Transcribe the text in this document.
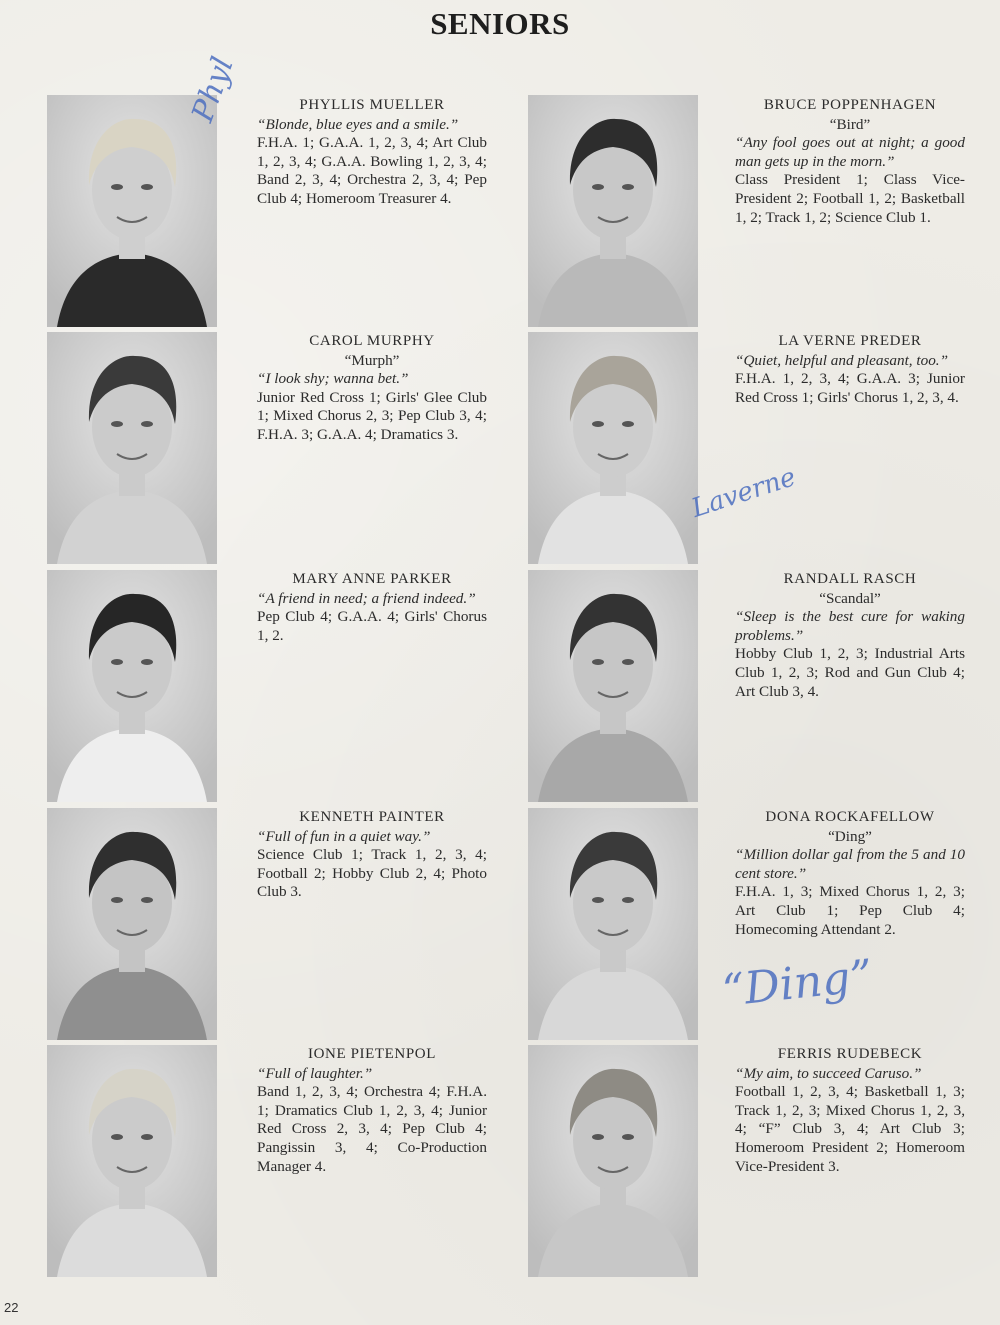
SENIORS
PHYLLIS MUELLER
“Blonde, blue eyes and a smile.”
F.H.A. 1; G.A.A. 1, 2, 3, 4; Art Club 1, 2, 3, 4; G.A.A. Bowling 1, 2, 3, 4; Band 2, 3, 4; Orchestra 2, 3, 4; Pep Club 4; Homeroom Treasurer 4.
BRUCE POPPENHAGEN
“Bird”
“Any fool goes out at night; a good man gets up in the morn.”
Class President 1; Class Vice-President 2; Football 1, 2; Basketball 1, 2; Track 1, 2; Science Club 1.
CAROL MURPHY
“Murph”
“I look shy; wanna bet.”
Junior Red Cross 1; Girls' Glee Club 1; Mixed Chorus 2, 3; Pep Club 3, 4; F.H.A. 3; G.A.A. 4; Dramatics 3.
LA VERNE PREDER
“Quiet, helpful and pleasant, too.”
F.H.A. 1, 2, 3, 4; G.A.A. 3; Junior Red Cross 1; Girls' Chorus 1, 2, 3, 4.
MARY ANNE PARKER
“A friend in need; a friend indeed.”
Pep Club 4; G.A.A. 4; Girls' Chorus 1, 2.
RANDALL RASCH
“Scandal”
“Sleep is the best cure for waking problems.”
Hobby Club 1, 2, 3; Industrial Arts Club 1, 2, 3; Rod and Gun Club 4; Art Club 3, 4.
KENNETH PAINTER
“Full of fun in a quiet way.”
Science Club 1; Track 1, 2, 3, 4; Football 2; Hobby Club 2, 4; Photo Club 3.
DONA ROCKAFELLOW
“Ding”
“Million dollar gal from the 5 and 10 cent store.”
F.H.A. 1, 3; Mixed Chorus 1, 2, 3; Art Club 1; Pep Club 4; Homecoming Attendant 2.
IONE PIETENPOL
“Full of laughter.”
Band 1, 2, 3, 4; Orchestra 4; F.H.A. 1; Dramatics Club 1, 2, 3, 4; Junior Red Cross 2, 3, 4; Pep Club 4; Pangissin 3, 4; Co-Production Manager 4.
FERRIS RUDEBECK
“My aim, to succeed Caruso.”
Football 1, 2, 3, 4; Basketball 1, 3; Track 1, 2, 3; Mixed Chorus 1, 2, 3, 4; “F” Club 3, 4; Art Club 3; Homeroom President 2; Homeroom Vice-President 3.
22
Phyl
Laverne
“Ding”
